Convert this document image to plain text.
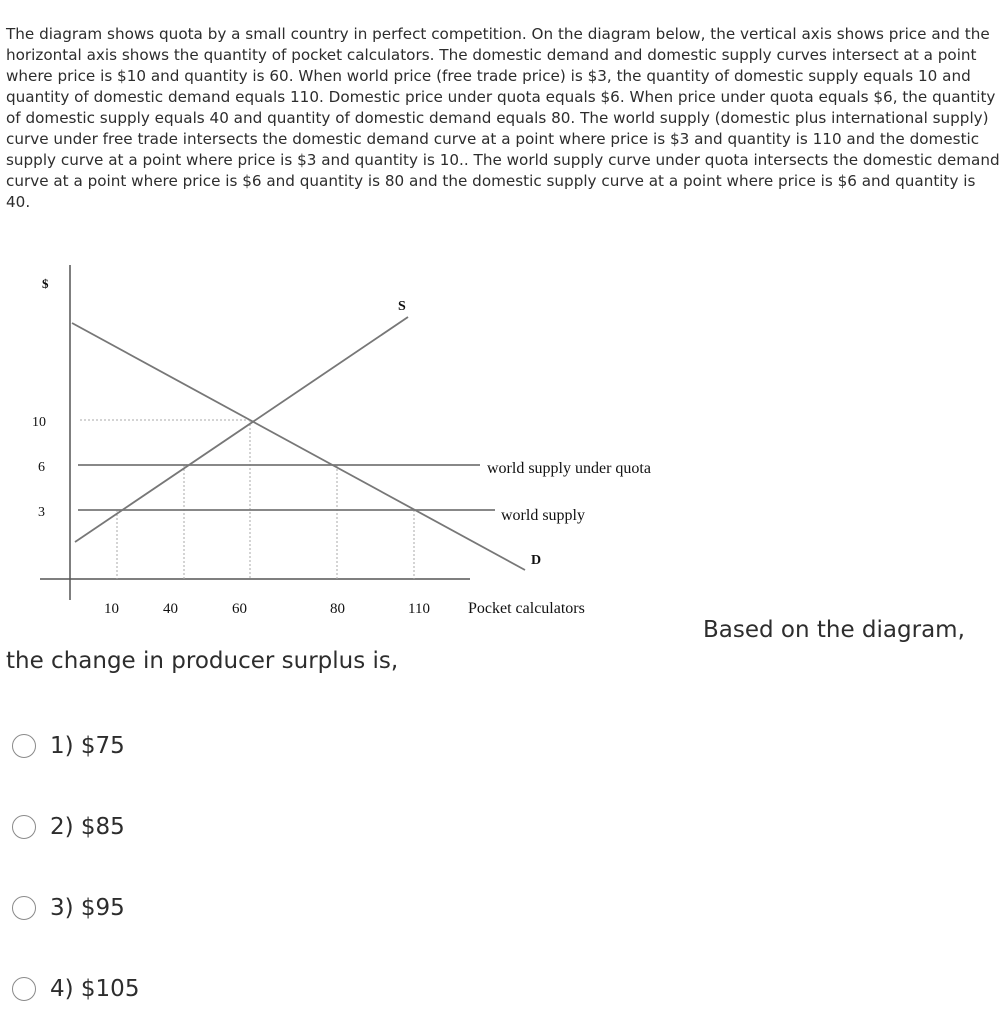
The diagram shows quota by a small country in perfect competition. On the diagram below, the vertical axis shows price and the horizontal axis shows the quantity of pocket calculators. The domestic demand and domestic supply curves intersect at a point where price is $10 and quantity is 60. When world price (free trade price) is $3, the quantity of domestic supply equals 10 and quantity of domestic demand equals 110. Domestic price under quota equals $6. When price under quota equals $6, the quantity of domestic supply equals 40 and quantity of domestic demand equals 80. The world supply (domestic plus international supply) curve under free trade intersects the domestic demand curve at a point where price is $3 and quantity is 110 and the domestic supply curve at a point where price is $3 and quantity is 10.. The world supply curve under quota intersects the domestic demand curve at a point where price is $6 and quantity is 80 and the domestic supply curve at a point where price is $6 and quantity is 40.

$
S
D
world supply under quota
world supply
Pocket calculators
10
6
3
10	40	60	80	110
Based on the diagram,

the change in producer surplus is,

1) $75
2) $85
3) $95
4) $105
